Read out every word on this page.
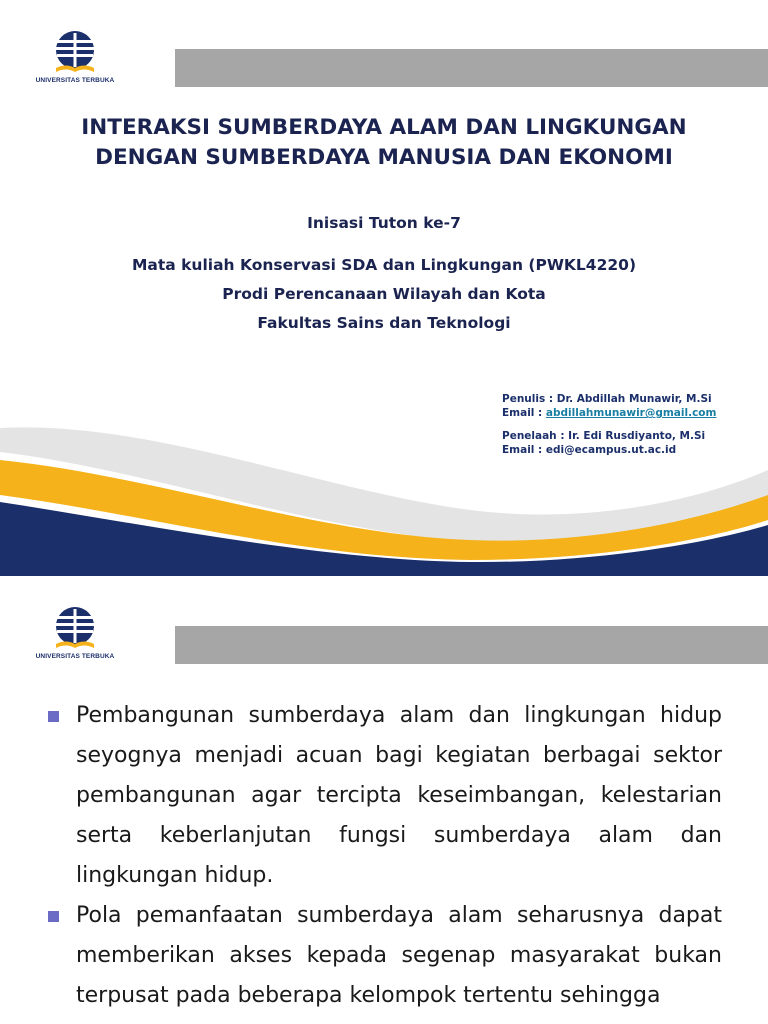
UNIVERSITAS TERBUKA
INTERAKSI SUMBERDAYA ALAM DAN LINGKUNGAN
DENGAN SUMBERDAYA MANUSIA DAN EKONOMI
Inisasi Tuton ke-7
Mata kuliah Konservasi SDA dan Lingkungan (PWKL4220)
Prodi Perencanaan Wilayah dan Kota
Fakultas Sains dan Teknologi
Penulis : Dr. Abdillah Munawir, M.Si
Email : abdillahmunawir@gmail.com
Penelaah : Ir. Edi Rusdiyanto, M.Si
Email : edi@ecampus.ut.ac.id
UNIVERSITAS TERBUKA
Pembangunan sumberdaya alam dan lingkungan hidup seyognya menjadi acuan bagi kegiatan berbagai sektor pembangunan agar tercipta keseimbangan, kelestarian serta keberlanjutan fungsi sumberdaya alam dan lingkungan hidup.
Pola pemanfaatan sumberdaya alam seharusnya dapat memberikan akses kepada segenap masyarakat bukan terpusat pada beberapa kelompok tertentu sehingga
